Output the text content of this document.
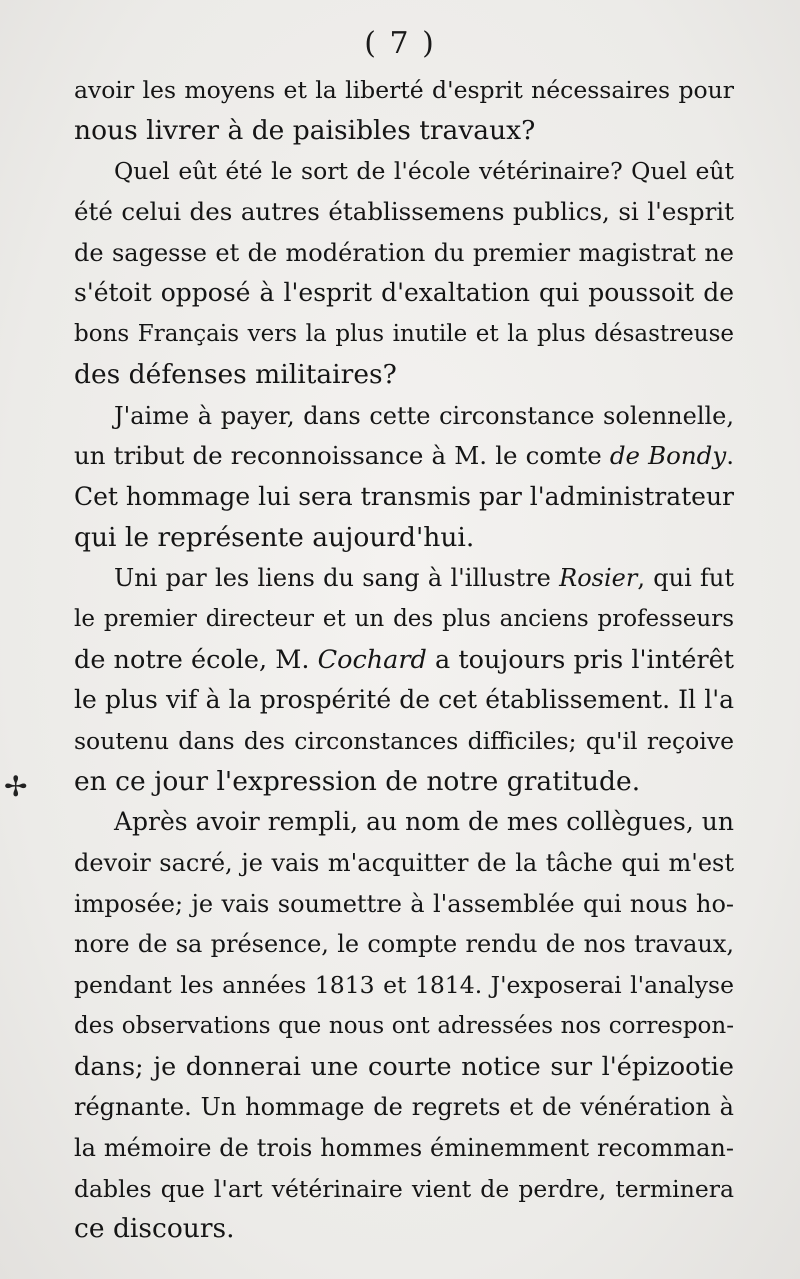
( 7 )
✢
avoir les moyens et la liberté d'esprit nécessaires pour
nous livrer à de paisibles travaux?
Quel eût été le sort de l'école vétérinaire? Quel eût
été celui des autres établissemens publics, si l'esprit
de sagesse et de modération du premier magistrat ne
s'étoit opposé à l'esprit d'exaltation qui poussoit de
bons Français vers la plus inutile et la plus désastreuse
des défenses militaires?
J'aime à payer, dans cette circonstance solennelle,
un tribut de reconnoissance à M. le comte de Bondy.
Cet hommage lui sera transmis par l'administrateur
qui le représente aujourd'hui.
Uni par les liens du sang à l'illustre Rosier, qui fut
le premier directeur et un des plus anciens professeurs
de notre école, M. Cochard a toujours pris l'intérêt
le plus vif à la prospérité de cet établissement. Il l'a
soutenu dans des circonstances difficiles; qu'il reçoive
en ce jour l'expression de notre gratitude.
Après avoir rempli, au nom de mes collègues, un
devoir sacré, je vais m'acquitter de la tâche qui m'est
imposée; je vais soumettre à l'assemblée qui nous ho-
nore de sa présence, le compte rendu de nos travaux,
pendant les années 1813 et 1814. J'exposerai l'analyse
des observations que nous ont adressées nos correspon-
dans; je donnerai une courte notice sur l'épizootie
régnante. Un hommage de regrets et de vénération à
la mémoire de trois hommes éminemment recomman-
dables que l'art vétérinaire vient de perdre, terminera
ce discours.
